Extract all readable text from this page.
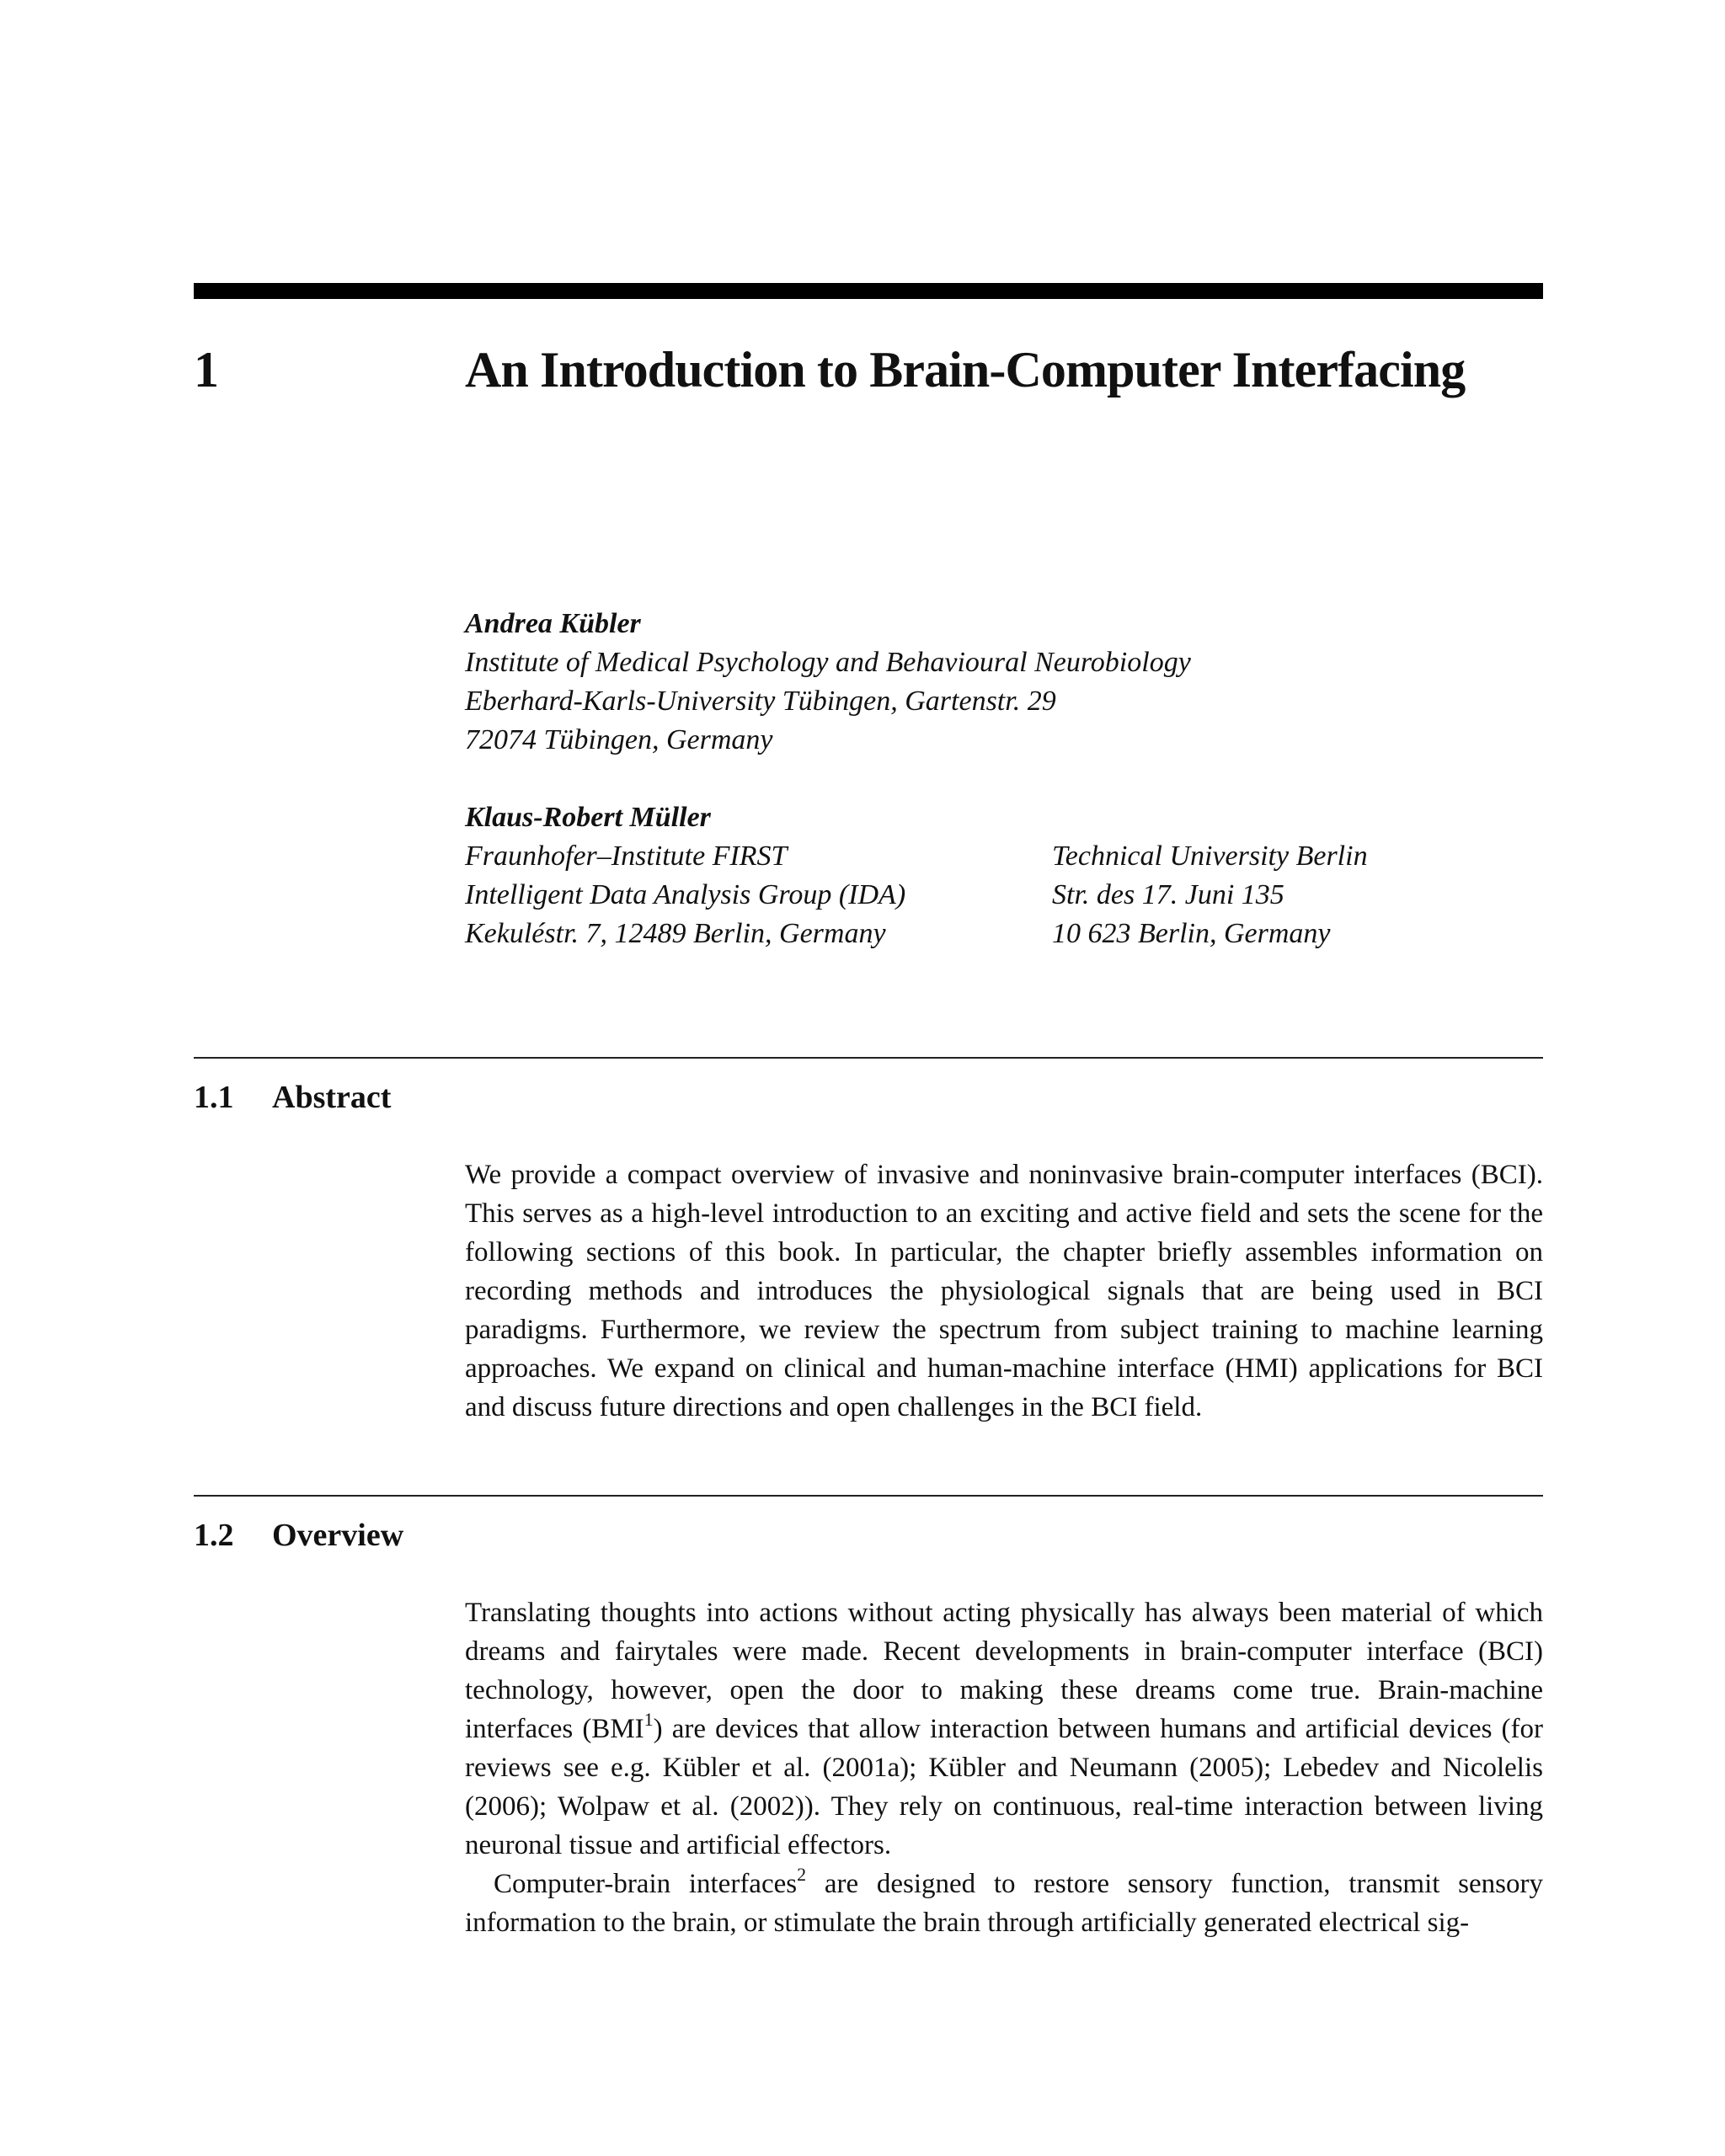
1	An Introduction to Brain-Computer Interfacing
Andrea Kübler
Institute of Medical Psychology and Behavioural Neurobiology
Eberhard-Karls-University Tübingen, Gartenstr. 29
72074 Tübingen, Germany
Klaus-Robert Müller
Fraunhofer–Institute FIRST
Intelligent Data Analysis Group (IDA)
Kekuléstr. 7, 12489 Berlin, Germany
Technical University Berlin
Str. des 17. Juni 135
10 623 Berlin, Germany
1.1 Abstract

We provide a compact overview of invasive and noninvasive brain-computer interfaces (BCI). This serves as a high-level introduction to an exciting and active field and sets the scene for the following sections of this book. In particular, the chapter briefly assembles information on recording methods and introduces the physiological signals that are being used in BCI paradigms. Furthermore, we review the spectrum from subject training to machine learning approaches. We expand on clinical and human-machine interface (HMI) applications for BCI and discuss future directions and open challenges in the BCI field.

1.2 Overview

Translating thoughts into actions without acting physically has always been material of which dreams and fairytales were made. Recent developments in brain-computer interface (BCI) technology, however, open the door to making these dreams come true. Brain-machine interfaces (BMI$^1$) are devices that allow interaction between humans and artificial devices (for reviews see e.g. Kübler et al. (2001a); Kübler and Neumann (2005); Lebedev and Nicolelis (2006); Wolpaw et al. (2002)). They rely on continuous, real-time interaction between living neuronal tissue and artificial effectors.

Computer-brain interfaces$^2$ are designed to restore sensory function, transmit sensory information to the brain, or stimulate the brain through artificially generated electrical sig-
